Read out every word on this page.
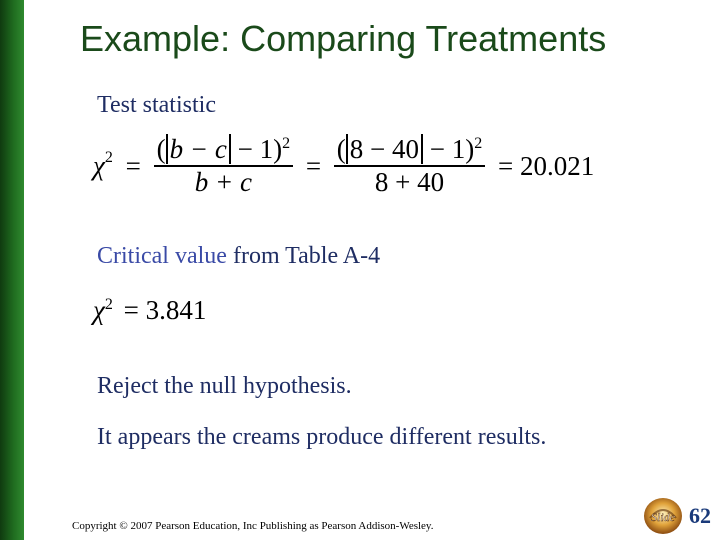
Example: Comparing Treatments
Test statistic
$\chi^2 = \frac{( b - c - 1)^2}{b + c} = \frac{( 8 - 40 - 1)^2}{8 + 40} = 20.021$
Critical value from Table A-4
$\chi^2 = 3.841$
Reject the null hypothesis.
It appears the creams produce different results.
Copyright © 2007 Pearson Education, Inc Publishing as Pearson Addison-Wesley.
Slide 62
